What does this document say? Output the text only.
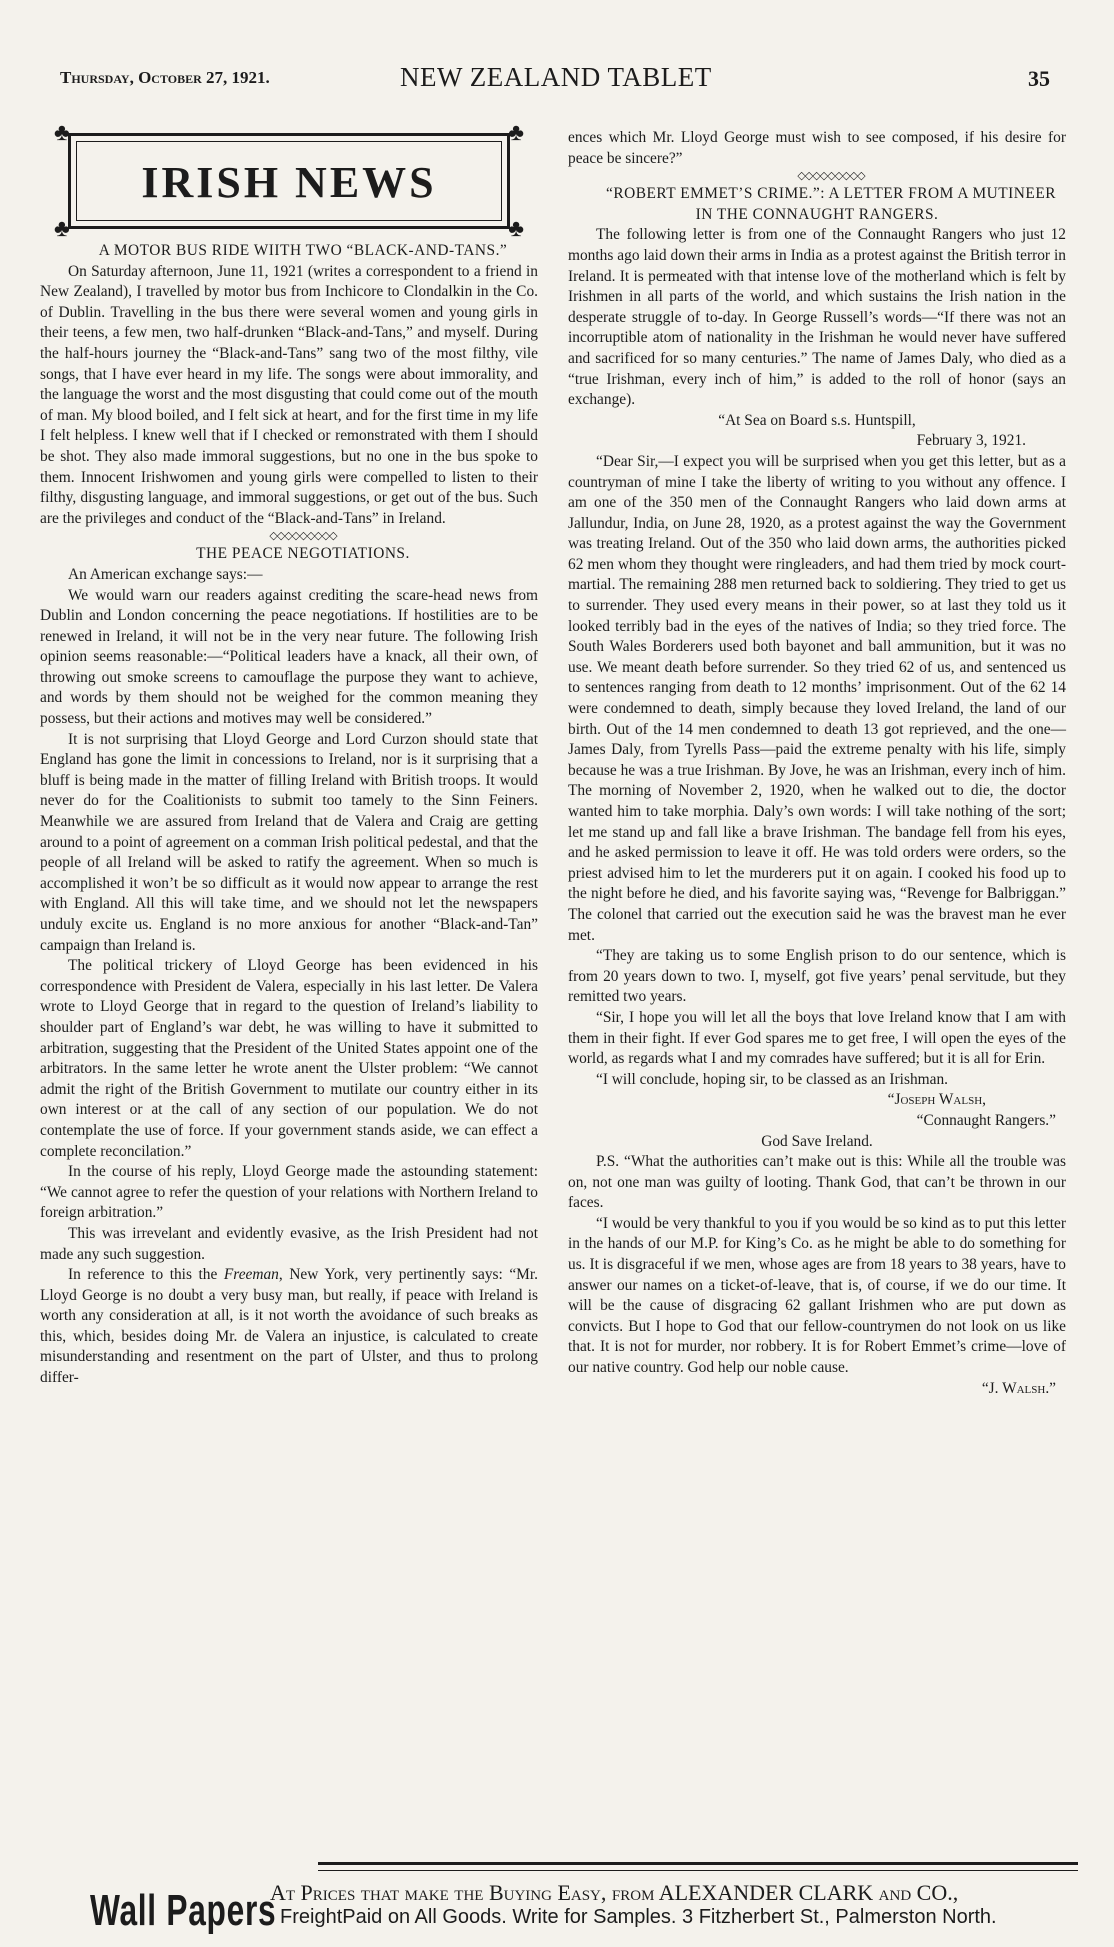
Thursday, October 27, 1921.	NEW ZEALAND TABLET	35
♣	♣
♣	♣
IRISH NEWS

A MOTOR BUS RIDE WIITH TWO “BLACK-AND-TANS.”

On Saturday afternoon, June 11, 1921 (writes a correspondent to a friend in New Zealand), I travelled by motor bus from Inchicore to Clondalkin in the Co. of Dublin. Travelling in the bus there were several women and young girls in their teens, a few men, two half-drunken “Black-and-Tans,” and myself. During the half-hours journey the “Black-and-Tans” sang two of the most filthy, vile songs, that I have ever heard in my life. The songs were about immorality, and the language the worst and the most disgusting that could come out of the mouth of man. My blood boiled, and I felt sick at heart, and for the first time in my life I felt helpless. I knew well that if I checked or remonstrated with them I should be shot. They also made immoral suggestions, but no one in the bus spoke to them. Innocent Irishwomen and young girls were compelled to listen to their filthy, disgusting language, and immoral suggestions, or get out of the bus. Such are the privileges and conduct of the “Black-and-Tans” in Ireland.

◇◇◇◇◇◇◇◇◇

THE PEACE NEGOTIATIONS.

An American exchange says:—

We would warn our readers against crediting the scare-head news from Dublin and London concerning the peace negotiations. If hostilities are to be renewed in Ireland, it will not be in the very near future. The following Irish opinion seems reasonable:—“Political leaders have a knack, all their own, of throwing out smoke screens to camouflage the purpose they want to achieve, and words by them should not be weighed for the common meaning they possess, but their actions and motives may well be considered.”

It is not surprising that Lloyd George and Lord Curzon should state that England has gone the limit in concessions to Ireland, nor is it surprising that a bluff is being made in the matter of filling Ireland with British troops. It would never do for the Coalitionists to submit too tamely to the Sinn Feiners. Meanwhile we are assured from Ireland that de Valera and Craig are getting around to a point of agreement on a comman Irish political pedestal, and that the people of all Ireland will be asked to ratify the agreement. When so much is accomplished it won’t be so difficult as it would now appear to arrange the rest with England. All this will take time, and we should not let the newspapers unduly excite us. England is no more anxious for another “Black-and-Tan” campaign than Ireland is.

The political trickery of Lloyd George has been evidenced in his correspondence with President de Valera, especially in his last letter. De Valera wrote to Lloyd George that in regard to the question of Ireland’s liability to shoulder part of England’s war debt, he was willing to have it submitted to arbitration, suggesting that the President of the United States appoint one of the arbitrators. In the same letter he wrote anent the Ulster problem: “We cannot admit the right of the British Government to mutilate our country either in its own interest or at the call of any section of our population. We do not contemplate the use of force. If your government stands aside, we can effect a complete reconcilation.”

In the course of his reply, Lloyd George made the astounding statement: “We cannot agree to refer the question of your relations with Northern Ireland to foreign arbitration.”

This was irrevelant and evidently evasive, as the Irish President had not made any such suggestion.

In reference to this the Freeman, New York, very pertinently says: “Mr. Lloyd George is no doubt a very busy man, but really, if peace with Ireland is worth any consideration at all, is it not worth the avoidance of such breaks as this, which, besides doing Mr. de Valera an injustice, is calculated to create misunderstanding and resentment on the part of Ulster, and thus to prolong differ-

ences which Mr. Lloyd George must wish to see composed, if his desire for peace be sincere?”

◇◇◇◇◇◇◇◇◇

“ROBERT EMMET’S CRIME.”: A LETTER FROM A MUTINEER IN THE CONNAUGHT RANGERS.

The following letter is from one of the Connaught Rangers who just 12 months ago laid down their arms in India as a protest against the British terror in Ireland. It is permeated with that intense love of the motherland which is felt by Irishmen in all parts of the world, and which sustains the Irish nation in the desperate struggle of to-day. In George Russell’s words—“If there was not an incorruptible atom of nationality in the Irishman he would never have suffered and sacrificed for so many centuries.” The name of James Daly, who died as a “true Irishman, every inch of him,” is added to the roll of honor (says an exchange).

“At Sea on Board s.s. Huntspill,

February 3, 1921.

“Dear Sir,—I expect you will be surprised when you get this letter, but as a countryman of mine I take the liberty of writing to you without any offence. I am one of the 350 men of the Connaught Rangers who laid down arms at Jallundur, India, on June 28, 1920, as a protest against the way the Government was treating Ireland. Out of the 350 who laid down arms, the authorities picked 62 men whom they thought were ringleaders, and had them tried by mock court-martial. The remaining 288 men returned back to soldiering. They tried to get us to surrender. They used every means in their power, so at last they told us it looked terribly bad in the eyes of the natives of India; so they tried force. The South Wales Borderers used both bayonet and ball ammunition, but it was no use. We meant death before surrender. So they tried 62 of us, and sentenced us to sentences ranging from death to 12 months’ imprisonment. Out of the 62 14 were condemned to death, simply because they loved Ireland, the land of our birth. Out of the 14 men condemned to death 13 got reprieved, and the one—James Daly, from Tyrells Pass—paid the extreme penalty with his life, simply because he was a true Irishman. By Jove, he was an Irishman, every inch of him. The morning of November 2, 1920, when he walked out to die, the doctor wanted him to take morphia. Daly’s own words: I will take nothing of the sort; let me stand up and fall like a brave Irishman. The bandage fell from his eyes, and he asked permission to leave it off. He was told orders were orders, so the priest advised him to let the murderers put it on again. I cooked his food up to the night before he died, and his favorite saying was, “Revenge for Balbriggan.” The colonel that carried out the execution said he was the bravest man he ever met.

“They are taking us to some English prison to do our sentence, which is from 20 years down to two. I, myself, got five years’ penal servitude, but they remitted two years.

“Sir, I hope you will let all the boys that love Ireland know that I am with them in their fight. If ever God spares me to get free, I will open the eyes of the world, as regards what I and my comrades have suffered; but it is all for Erin.

“I will conclude, hoping sir, to be classed as an Irishman.

“Joseph Walsh,

“Connaught Rangers.”

God Save Ireland.

P.S. “What the authorities can’t make out is this: While all the trouble was on, not one man was guilty of looting. Thank God, that can’t be thrown in our faces.

“I would be very thankful to you if you would be so kind as to put this letter in the hands of our M.P. for King’s Co. as he might be able to do something for us. It is disgraceful if we men, whose ages are from 18 years to 38 years, have to answer our names on a ticket-of-leave, that is, of course, if we do our time. It will be the cause of disgracing 62 gallant Irishmen who are put down as convicts. But I hope to God that our fellow-countrymen do not look on us like that. It is not for murder, nor robbery. It is for Robert Emmet’s crime—love of our native country. God help our noble cause.

“J. Walsh.”

Wall Papers
At Prices that make the Buying Easy, from ALEXANDER CLARK and CO.,
FreightPaid on All Goods. Write for Samples. 3 Fitzherbert St., Palmerston North.
